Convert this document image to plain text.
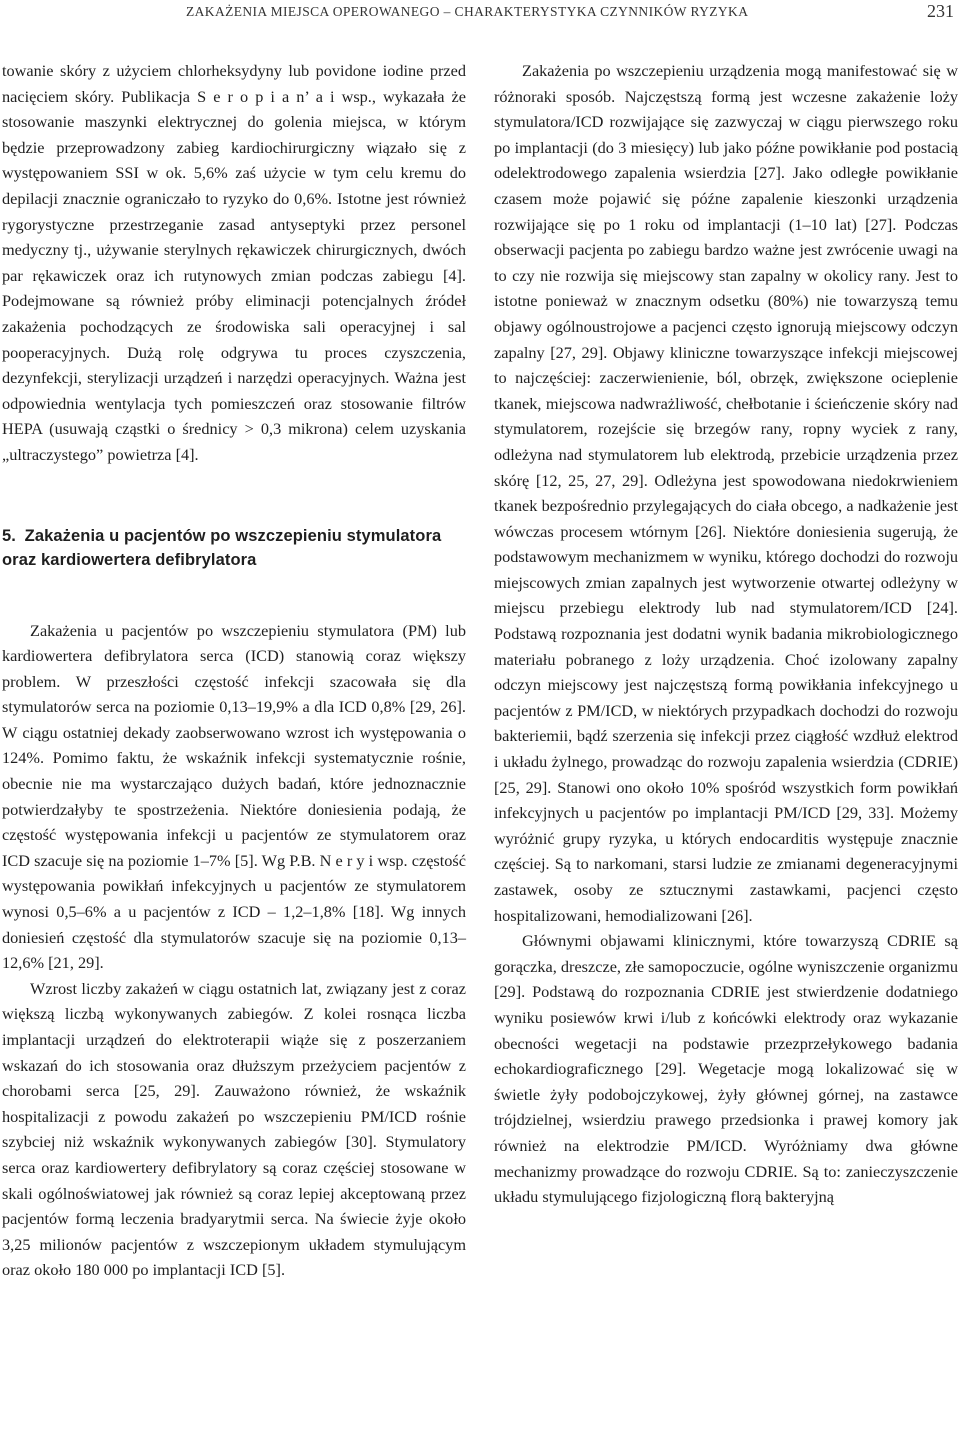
ZAKAŻENIA MIEJSCA OPEROWANEGO – CHARAKTERYSTYKA CZYNNIKÓW RYZYKA	231

towanie skóry z użyciem chlorheksydyny lub povidone iodine przed nacięciem skóry. Publikacja S e r o p i a n’ a i wsp., wykazała że stosowanie maszynki elektrycznej do golenia miejsca, w którym będzie przeprowadzony zabieg kardiochirurgiczny wiązało się z występowaniem SSI w ok. 5,6% zaś użycie w tym celu kremu do depilacji znacznie ograniczało to ryzyko do 0,6%. Istotne jest również rygorystyczne przestrzeganie zasad antyseptyki przez personel medyczny tj., używanie sterylnych rękawiczek chirurgicznych, dwóch par rękawiczek oraz ich rutynowych zmian podczas zabiegu [4]. Podejmowane są również próby eliminacji potencjalnych źródeł zakażenia pochodzących ze środowiska sali operacyjnej i sal pooperacyjnych. Dużą rolę odgrywa tu proces czyszczenia, dezynfekcji, sterylizacji urządzeń i narzędzi operacyjnych. Ważna jest odpowiednia wentylacja tych pomieszczeń oraz stosowanie filtrów HEPA (usuwają cząstki o średnicy > 0,3 mikrona) celem uzyskania „ultraczystego” powietrza [4].

5. Zakażenia u pacjentów po wszczepieniu stymulatora oraz kardiowertera defibrylatora

Zakażenia u pacjentów po wszczepieniu stymulatora (PM) lub kardiowertera defibrylatora serca (ICD) stanowią coraz większy problem. W przeszłości częstość infekcji szacowała się dla stymulatorów serca na poziomie 0,13–19,9% a dla ICD 0,8% [29, 26]. W ciągu ostatniej dekady zaobserwowano wzrost ich występowania o 124%. Pomimo faktu, że wskaźnik infekcji systematycznie rośnie, obecnie nie ma wystarczająco dużych badań, które jednoznacznie potwierdzałyby te spostrzeżenia. Niektóre doniesienia podają, że częstość występowania infekcji u pacjentów ze stymulatorem oraz ICD szacuje się na poziomie 1–7% [5]. Wg P.B. N e r y i wsp. częstość występowania powikłań infekcyjnych u pacjentów ze stymulatorem wynosi 0,5–6% a u pacjentów z ICD – 1,2–1,8% [18]. Wg innych doniesień częstość dla stymulatorów szacuje się na poziomie 0,13–12,6% [21, 29].

Wzrost liczby zakażeń w ciągu ostatnich lat, związany jest z coraz większą liczbą wykonywanych zabiegów. Z kolei rosnąca liczba implantacji urządzeń do elektroterapii wiąże się z poszerzaniem wskazań do ich stosowania oraz dłuższym przeżyciem pacjentów z chorobami serca [25, 29]. Zauważono również, że wskaźnik hospitalizacji z powodu zakażeń po wszczepieniu PM/ICD rośnie szybciej niż wskaźnik wykonywanych zabiegów [30]. Stymulatory serca oraz kardiowertery defibrylatory są coraz częściej stosowane w skali ogólnoświatowej jak również są coraz lepiej akceptowaną przez pacjentów formą leczenia bradyarytmii serca. Na świecie żyje około 3,25 milionów pacjentów z wszczepionym układem stymulującym oraz około 180 000 po implantacji ICD [5].

Zakażenia po wszczepieniu urządzenia mogą manifestować się w różnoraki sposób. Najczęstszą formą jest wczesne zakażenie loży stymulatora/ICD rozwijające się zazwyczaj w ciągu pierwszego roku po implantacji (do 3 miesięcy) lub jako późne powikłanie pod postacią odelektrodowego zapalenia wsierdzia [27]. Jako odległe powikłanie czasem może pojawić się późne zapalenie kieszonki urządzenia rozwijające się po 1 roku od implantacji (1–10 lat) [27]. Podczas obserwacji pacjenta po zabiegu bardzo ważne jest zwrócenie uwagi na to czy nie rozwija się miejscowy stan zapalny w okolicy rany. Jest to istotne ponieważ w znacznym odsetku (80%) nie towarzyszą temu objawy ogólnoustrojowe a pacjenci często ignorują miejscowy odczyn zapalny [27, 29]. Objawy kliniczne towarzyszące infekcji miejscowej to najczęściej: zaczerwienienie, ból, obrzęk, zwiększone ocieplenie tkanek, miejscowa nadwrażliwość, chełbotanie i ścieńczenie skóry nad stymulatorem, rozejście się brzegów rany, ropny wyciek z rany, odleżyna nad stymulatorem lub elektrodą, przebicie urządzenia przez skórę [12, 25, 27, 29]. Odleżyna jest spowodowana niedokrwieniem tkanek bezpośrednio przylegających do ciała obcego, a nadkażenie jest wówczas procesem wtórnym [26]. Niektóre doniesienia sugerują, że podstawowym mechanizmem w wyniku, którego dochodzi do rozwoju miejscowych zmian zapalnych jest wytworzenie otwartej odleżyny w miejscu przebiegu elektrody lub nad stymulatorem/ICD [24]. Podstawą rozpoznania jest dodatni wynik badania mikrobiologicznego materiału pobranego z loży urządzenia. Choć izolowany zapalny odczyn miejscowy jest najczęstszą formą powikłania infekcyjnego u pacjentów z PM/ICD, w niektórych przypadkach dochodzi do rozwoju bakteriemii, bądź szerzenia się infekcji przez ciągłość wzdłuż elektrod i układu żylnego, prowadząc do rozwoju zapalenia wsierdzia (CDRIE) [25, 29]. Stanowi ono około 10% spośród wszystkich form powikłań infekcyjnych u pacjentów po implantacji PM/ICD [29, 33]. Możemy wyróżnić grupy ryzyka, u których endocarditis występuje znacznie częściej. Są to narkomani, starsi ludzie ze zmianami degeneracyjnymi zastawek, osoby ze sztucznymi zastawkami, pacjenci często hospitalizowani, hemodializowani [26].

Głównymi objawami klinicznymi, które towarzyszą CDRIE są gorączka, dreszcze, złe samopoczucie, ogólne wyniszczenie organizmu [29]. Podstawą do rozpoznania CDRIE jest stwierdzenie dodatniego wyniku posiewów krwi i/lub z końcówki elektrody oraz wykazanie obecności wegetacji na podstawie przezprzełykowego badania echokardiograficznego [29]. Wegetacje mogą lokalizować się w świetle żyły podobojczykowej, żyły głównej górnej, na zastawce trójdzielnej, wsierdziu prawego przedsionka i prawej komory jak również na elektrodzie PM/ICD. Wyróżniamy dwa główne mechanizmy prowadzące do rozwoju CDRIE. Są to: zanieczyszczenie układu stymulującego fizjologiczną florą bakteryjną
